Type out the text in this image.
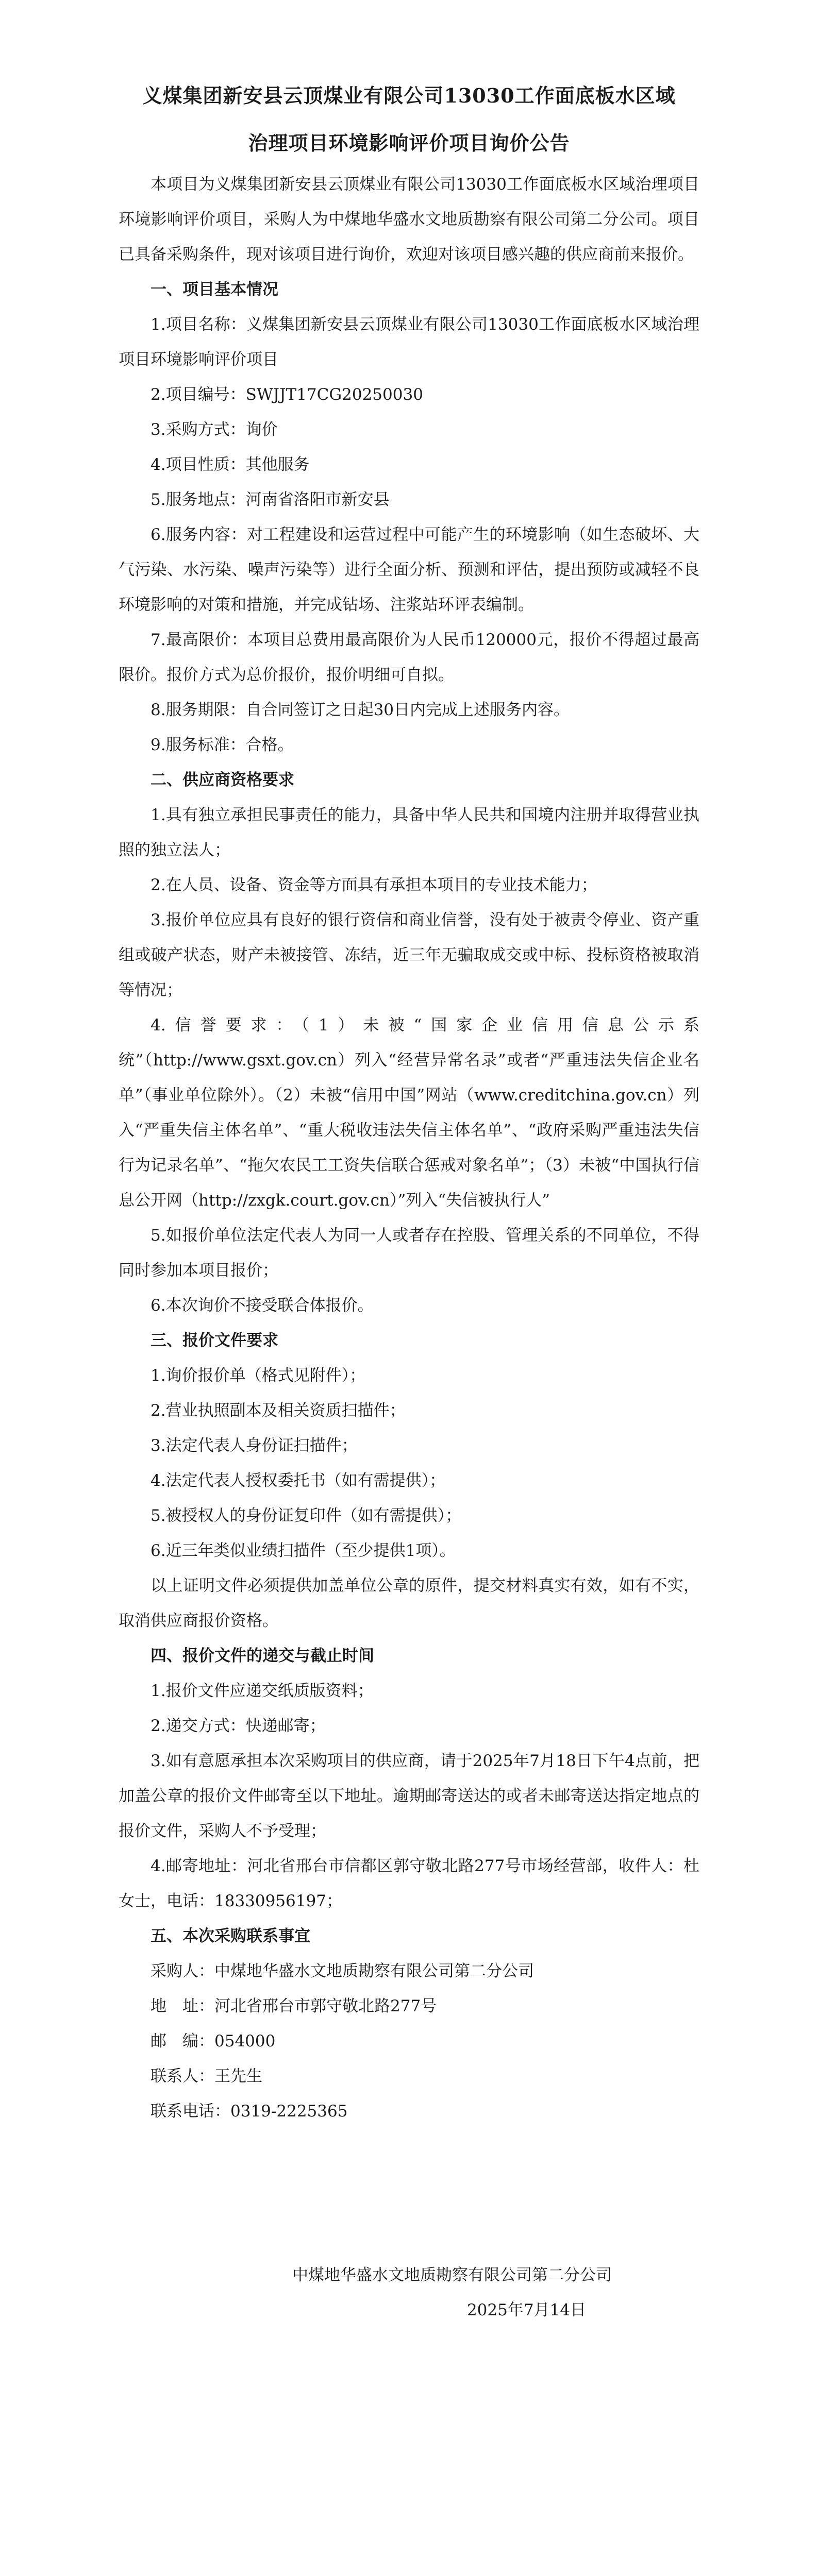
义煤集团新安县云顶煤业有限公司13030工作面底板水区域
治理项目环境影响评价项目询价公告

本项目为义煤集团新安县云顶煤业有限公司13030工作面底板水区域治理项目环境影响评价项目，采购人为中煤地华盛水文地质勘察有限公司第二分公司。项目已具备采购条件，现对该项目进行询价，欢迎对该项目感兴趣的供应商前来报价。

一、项目基本情况

1.项目名称：义煤集团新安县云顶煤业有限公司13030工作面底板水区域治理项目环境影响评价项目

2.项目编号：SWJJT17CG20250030

3.采购方式：询价

4.项目性质：其他服务

5.服务地点：河南省洛阳市新安县

6.服务内容：对工程建设和运营过程中可能产生的环境影响（如生态破坏、大气污染、水污染、噪声污染等）进行全面分析、预测和评估，提出预防或减轻不良环境影响的对策和措施，并完成钻场、注浆站环评表编制。

7.最高限价：本项目总费用最高限价为人民币120000元，报价不得超过最高限价。报价方式为总价报价，报价明细可自拟。

8.服务期限：自合同签订之日起30日内完成上述服务内容。

9.服务标准：合格。

二、供应商资格要求

1.具有独立承担民事责任的能力，具备中华人民共和国境内注册并取得营业执照的独立法人；

2.在人员、设备、资金等方面具有承担本项目的专业技术能力；

3.报价单位应具有良好的银行资信和商业信誉，没有处于被责令停业、资产重组或破产状态，财产未被接管、冻结，近三年无骗取成交或中标、投标资格被取消等情况；

4.信誉要求：（1）未被“国家企业信用信息公示系统”（http://www.gsxt.gov.cn）列入“经营异常名录”或者“严重违法失信企业名单”（事业单位除外）。（2）未被“信用中国”网站（www.creditchina.gov.cn）列入“严重失信主体名单”、“重大税收违法失信主体名单”、“政府采购严重违法失信行为记录名单”、“拖欠农民工工资失信联合惩戒对象名单”；（3）未被“中国执行信息公开网（http://zxgk.court.gov.cn）”列入“失信被执行人”

5.如报价单位法定代表人为同一人或者存在控股、管理关系的不同单位，不得同时参加本项目报价；

6.本次询价不接受联合体报价。

三、报价文件要求

1.询价报价单（格式见附件）；

2.营业执照副本及相关资质扫描件；

3.法定代表人身份证扫描件；

4.法定代表人授权委托书（如有需提供）；

5.被授权人的身份证复印件（如有需提供）；

6.近三年类似业绩扫描件（至少提供1项）。

以上证明文件必须提供加盖单位公章的原件，提交材料真实有效，如有不实，取消供应商报价资格。

四、报价文件的递交与截止时间

1.报价文件应递交纸质版资料；

2.递交方式：快递邮寄；

3.如有意愿承担本次采购项目的供应商，请于2025年7月18日下午4点前，把加盖公章的报价文件邮寄至以下地址。逾期邮寄送达的或者未邮寄送达指定地点的报价文件，采购人不予受理；

4.邮寄地址：河北省邢台市信都区郭守敬北路277号市场经营部，收件人：杜女士，电话：18330956197；

五、本次采购联系事宜

采购人：中煤地华盛水文地质勘察有限公司第二分公司

地　址：河北省邢台市郭守敬北路277号

邮　编：054000

联系人：王先生

联系电话：0319-2225365

中煤地华盛水文地质勘察有限公司第二分公司

2025年7月14日
